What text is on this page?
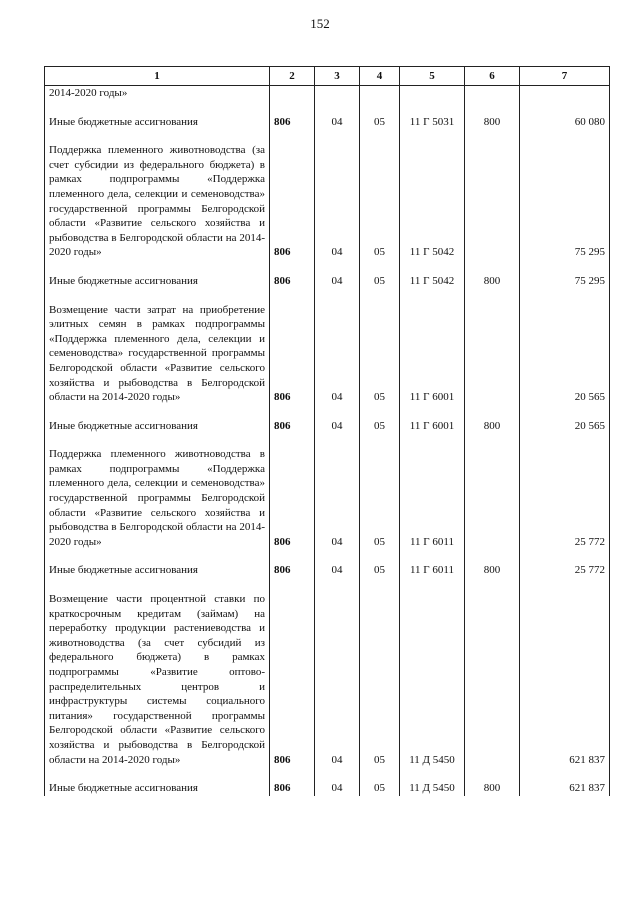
152
1	2	3	4	5	6	7
2014-2020 годы»						

Иные бюджетные ассигнования	806	04	05	11 Г 5031	800	60 080

Поддержка племенного животноводства (за счет субсидии из федерального бюджета) в рамках подпрограммы «Поддержка племенного дела, селекции и семеноводства» государственной программы Белгородской области «Развитие сельского хозяйства и рыбоводства в Белгородской области на 2014-2020 годы»	806	04	05	11 Г 5042		75 295

Иные бюджетные ассигнования	806	04	05	11 Г 5042	800	75 295

Возмещение части затрат на приобретение элитных семян в рамках подпрограммы «Поддержка племенного дела, селекции и семеноводства» государственной программы Белгородской области «Развитие сельского хозяйства и рыбоводства в Белгородской области на 2014-2020 годы»	806	04	05	11 Г 6001		20 565

Иные бюджетные ассигнования	806	04	05	11 Г 6001	800	20 565

Поддержка племенного животноводства в рамках подпрограммы «Поддержка племенного дела, селекции и семеноводства» государственной программы Белгородской области «Развитие сельского хозяйства и рыбоводства в Белгородской области на 2014-2020 годы»	806	04	05	11 Г 6011		25 772

Иные бюджетные ассигнования	806	04	05	11 Г 6011	800	25 772

Возмещение части процентной ставки по краткосрочным кредитам (займам) на переработку продукции растениеводства и животноводства (за счет субсидий из федерального бюджета) в рамках подпрограммы «Развитие оптово-распределительных центров и инфраструктуры системы социального питания» государственной программы Белгородской области «Развитие сельского хозяйства и рыбоводства в Белгородской области на 2014-2020 годы»	806	04	05	11 Д 5450		621 837

Иные бюджетные ассигнования	806	04	05	11 Д 5450	800	621 837
